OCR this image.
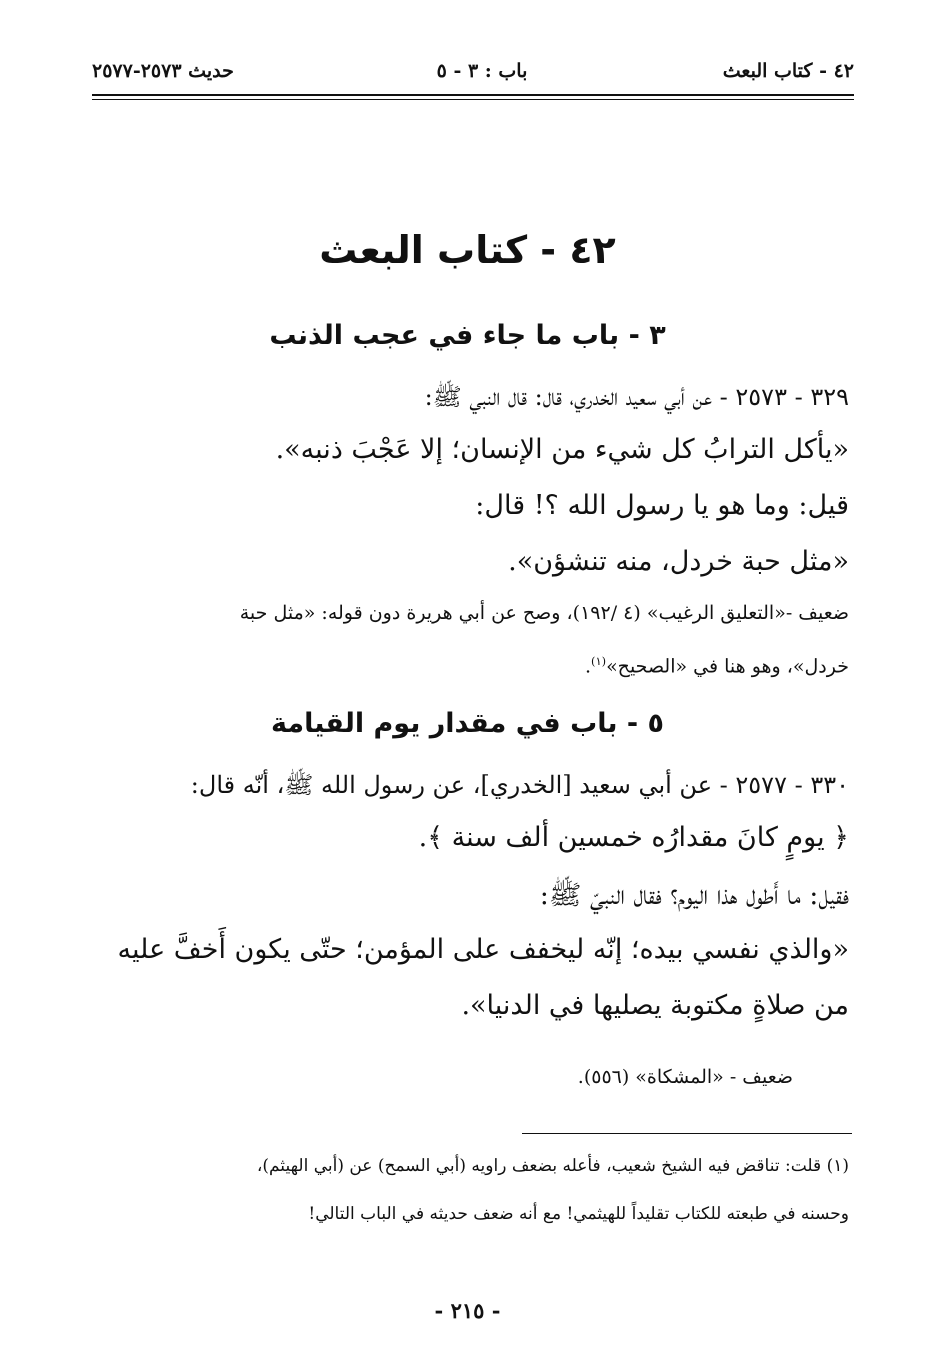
٤٢ - كتاب البعث
باب : ٣ - ٥
حديث ٢٥٧٣-٢٥٧٧
٤٢ - كتاب البعث
٣ - باب ما جاء في عجب الذنب
٣٢٩ - ٢٥٧٣ - عن أبي سعيد الخدري، قال: قال النبي ﷺ:
«يأكل الترابُ كل شيء من الإنسان؛ إلا عَجْبَ ذنبه».
قيل: وما هو يا رسول الله ؟! قال:
«مثل حبة خردل، منه تنشؤن».
ضعيف -«التعليق الرغيب» (٤ /١٩٢)، وصح عن أبي هريرة دون قوله: «مثل حبة
خردل»، وهو هنا في «الصحيح»$^{(١)}$.
٥ - باب في مقدار يوم القيامة
٣٣٠ - ٢٥٧٧ - عن أبي سعيد [الخدري]، عن رسول الله ﷺ، أنّه قال:
﴿ يومٍ كانَ مقدارُه خمسين ألف سنة ﴾.
فقيل: ما أَطول هذا اليوم؟ فقال النبيّ ﷺ:
«والذي نفسي بيده؛ إنّه ليخفف على المؤمن؛ حتّى يكون أَخفَّ عليه
من صلاةٍ مكتوبة يصليها في الدنيا».
ضعيف - «المشكاة» (٥٥٦).
(١) قلت: تناقض فيه الشيخ شعيب، فأعله بضعف راويه (أبي السمح) عن (أبي الهيثم)،
وحسنه في طبعته للكتاب تقليداً للهيثمي! مع أنه ضعف حديثه في الباب التالي!
- ٢١٥ -
